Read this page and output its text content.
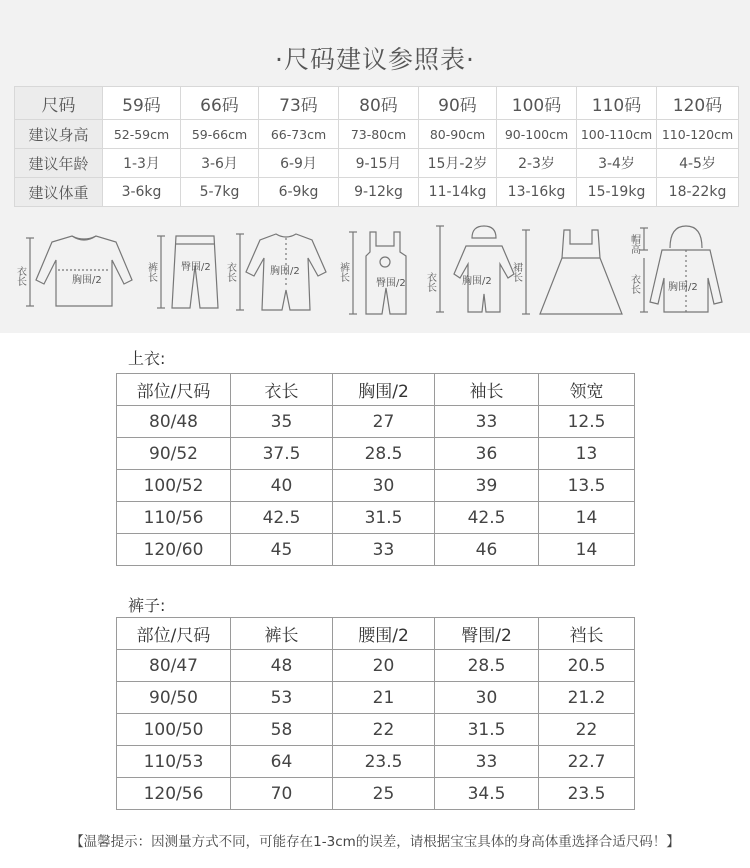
·尺码建议参照表·
尺码	59码	66码	73码	80码	90码	100码	110码	120码
建议身高	52-59cm	59-66cm	66-73cm	73-80cm	80-90cm	90-100cm	100-110cm	110-120cm
建议年龄	1-3月	3-6月	6-9月	9-15月	15月-2岁	2-3岁	3-4岁	4-5岁
建议体重	3-6kg	5-7kg	6-9kg	9-12kg	11-14kg	13-16kg	15-19kg	18-22kg
衣长	胸围/2	裤长 臀围/2 衣长	胸围/2	裤长
臀围/2 衣长	胸围/2 裙长
帽高
衣长	胸围/2
上衣:
部位/尺码	衣长	胸围/2	袖长	领宽
80/48	35	27	33	12.5
90/52	37.5	28.5	36	13
100/52	40	30	39	13.5
110/56	42.5	31.5	42.5	14
120/60	45	33	46	14
裤子:
部位/尺码	裤长	腰围/2	臀围/2	裆长
80/47	48	20	28.5	20.5
90/50	53	21	30	21.2
100/50	58	22	31.5	22
110/53	64	23.5	33	22.7
120/56	70	25	34.5	23.5
【温馨提示：因测量方式不同，可能存在1-3cm的误差，请根据宝宝具体的身高体重选择合适尺码！】
